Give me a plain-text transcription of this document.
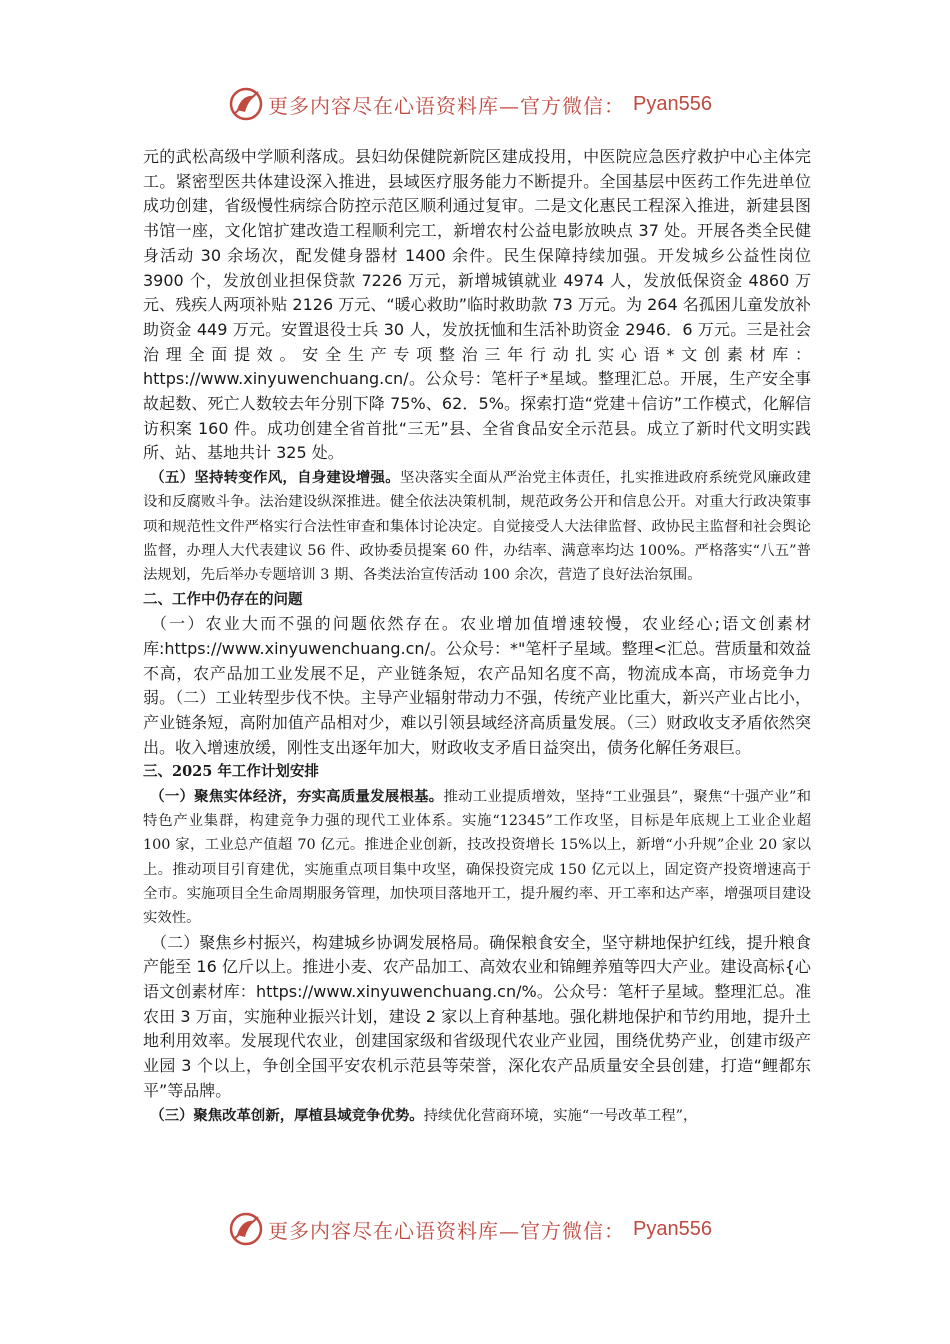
更多内容尽在心语资料库—官方微信： Pyan556

元的武松高级中学顺利落成。县妇幼保健院新院区建成投用，中医院应急医疗救护中心主体完工。紧密型医共体建设深入推进，县域医疗服务能力不断提升。全国基层中医药工作先进单位成功创建，省级慢性病综合防控示范区顺利通过复审。二是文化惠民工程深入推进，新建县图书馆一座，文化馆扩建改造工程顺利完工，新增农村公益电影放映点 37 处。开展各类全民健身活动 30 余场次，配发健身器材 1400 余件。民生保障持续加强。开发城乡公益性岗位 3900 个，发放创业担保贷款 7226 万元，新增城镇就业 4974 人，发放低保资金 4860 万元、残疾人两项补贴 2126 万元、“暖心救助”临时救助款 73 万元。为 264 名孤困儿童发放补助资金 449 万元。安置退役士兵 30 人，发放抚恤和生活补助资金 2946．6 万元。三是社会治理全面提效。安全生产专项整治三年行动扎实心语*文创素材库：https://www.xinyuwenchuang.cn/。公众号：笔杆子*星域。整理汇总。开展，生产安全事故起数、死亡人数较去年分别下降 75%、62．5%。探索打造“党建＋信访”工作模式，化解信访积案 160 件。成功创建全省首批“三无”县、全省食品安全示范县。成立了新时代文明实践所、站、基地共计 325 处。

（五）坚持转变作风，自身建设增强。坚决落实全面从严治党主体责任，扎实推进政府系统党风廉政建设和反腐败斗争。法治建设纵深推进。健全依法决策机制，规范政务公开和信息公开。对重大行政决策事项和规范性文件严格实行合法性审查和集体讨论决定。自觉接受人大法律监督、政协民主监督和社会舆论监督，办理人大代表建议 56 件、政协委员提案 60 件，办结率、满意率均达 100%。严格落实“八五”普法规划，先后举办专题培训 3 期、各类法治宣传活动 100 余次，营造了良好法治氛围。

二、工作中仍存在的问题

（一）农业大而不强的问题依然存在。农业增加值增速较慢，农业经心;语文创素材库:https://www.xinyuwenchuang.cn/。公众号：*"笔杆子星域。整理<汇总。营质量和效益不高，农产品加工业发展不足，产业链条短，农产品知名度不高，物流成本高，市场竞争力弱。（二）工业转型步伐不快。主导产业辐射带动力不强，传统产业比重大，新兴产业占比小，产业链条短，高附加值产品相对少，难以引领县域经济高质量发展。（三）财政收支矛盾依然突出。收入增速放缓，刚性支出逐年加大，财政收支矛盾日益突出，债务化解任务艰巨。

三、2025 年工作计划安排

（一）聚焦实体经济，夯实高质量发展根基。推动工业提质增效，坚持“工业强县”，聚焦“十强产业”和特色产业集群，构建竞争力强的现代工业体系。实施“12345”工作攻坚，目标是年底规上工业企业超 100 家，工业总产值超 70 亿元。推进企业创新，技改投资增长 15%以上，新增“小升规”企业 20 家以上。推动项目引育建优，实施重点项目集中攻坚，确保投资完成 150 亿元以上，固定资产投资增速高于全市。实施项目全生命周期服务管理，加快项目落地开工，提升履约率、开工率和达产率，增强项目建设实效性。

（二）聚焦乡村振兴，构建城乡协调发展格局。确保粮食安全，坚守耕地保护红线，提升粮食产能至 16 亿斤以上。推进小麦、农产品加工、高效农业和锦鲤养殖等四大产业。建设高标{心语文创素材库：https://www.xinyuwenchuang.cn/%。公众号：笔杆子星域。整理汇总。准农田 3 万亩，实施种业振兴计划，建设 2 家以上育种基地。强化耕地保护和节约用地，提升土地利用效率。发展现代农业，创建国家级和省级现代农业产业园，围绕优势产业，创建市级产业园 3 个以上，争创全国平安农机示范县等荣誉，深化农产品质量安全县创建，打造“鲤都东平”等品牌。

（三）聚焦改革创新，厚植县域竞争优势。持续优化营商环境，实施“一号改革工程”，

更多内容尽在心语资料库—官方微信： Pyan556
